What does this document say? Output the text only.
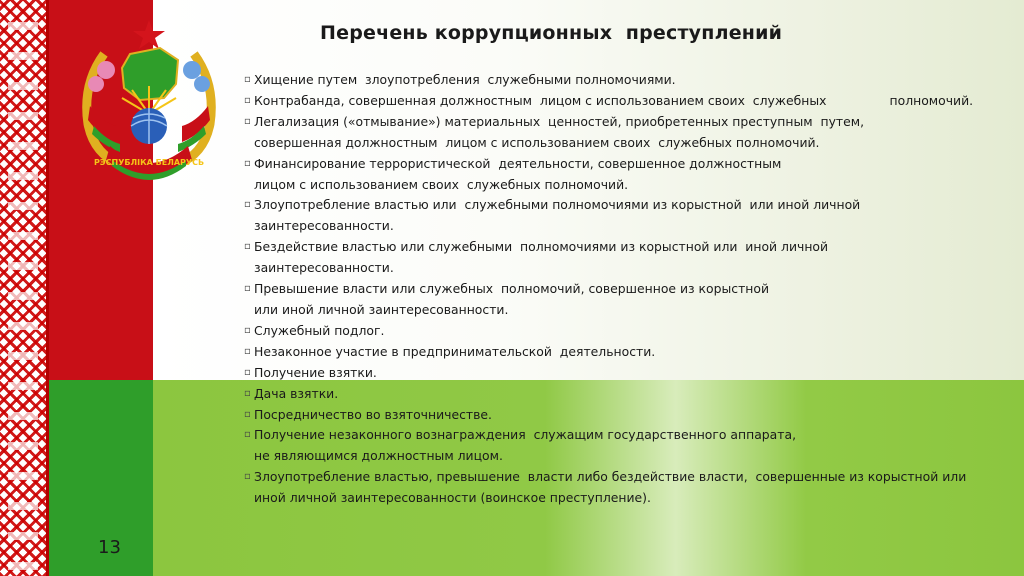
РЭСПУБЛІКА БЕЛАРУСЬ
Перечень коррупционных  преступлений
▫ Хищение путем  злоупотребления  служебными полномочиями.
▫ Контрабанда, совершенная должностным  лицом с использованием своих  служебных                полномочий.
▫ Легализация («отмывание») материальных  ценностей, приобретенных преступным  путем,
совершенная должностным  лицом с использованием своих  служебных полномочий.
▫ Финансирование террористической  деятельности, совершенное должностным
лицом с использованием своих  служебных полномочий.
▫ Злоупотребление властью или  служебными полномочиями из корыстной  или иной личной
заинтересованности.
▫ Бездействие властью или служебными  полномочиями из корыстной или  иной личной
заинтересованности.
▫ Превышение власти или служебных  полномочий, совершенное из корыстной
или иной личной заинтересованности.
▫ Служебный подлог.
▫ Незаконное участие в предпринимательской  деятельности.
▫ Получение взятки.
▫ Дача взятки.
▫ Посредничество во взяточничестве.
▫ Получение незаконного вознаграждения  служащим государственного аппарата,
не являющимся должностным лицом.
▫ Злоупотребление властью, превышение  власти либо бездействие власти,  совершенные из корыстной или
иной личной заинтересованности (воинское преступление).
13
